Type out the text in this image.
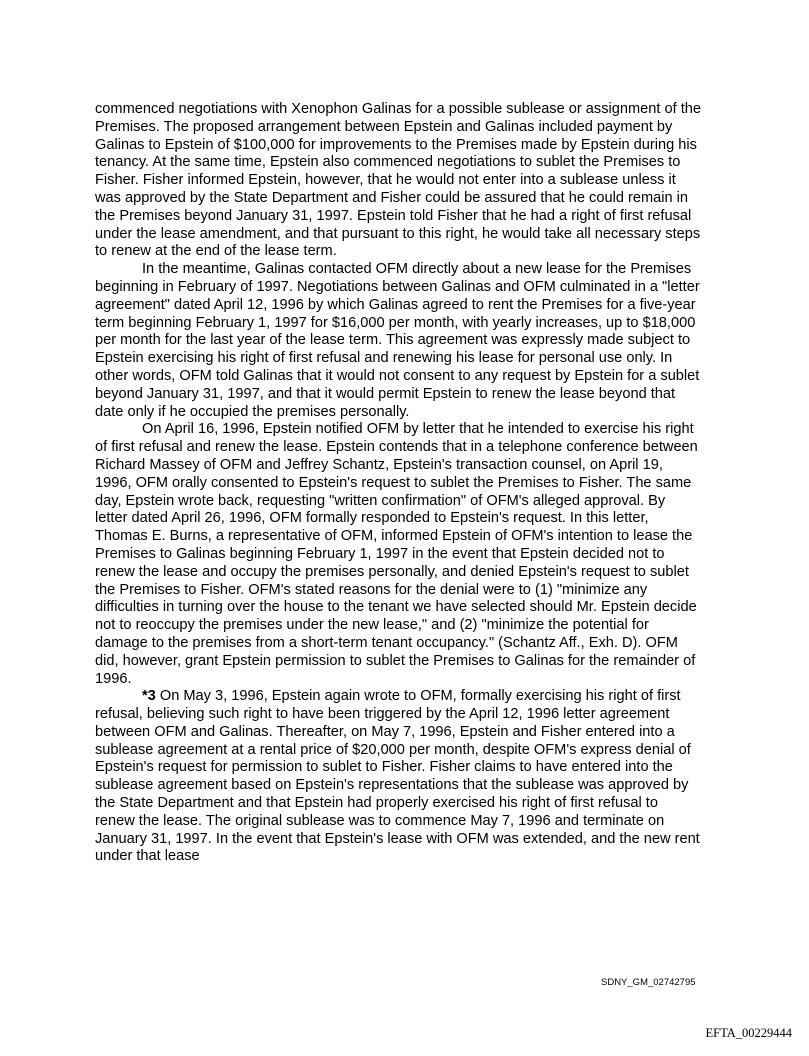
commenced negotiations with Xenophon Galinas for a possible sublease or assignment of the Premises. The proposed arrangement between Epstein and Galinas included payment by Galinas to Epstein of $100,000 for improvements to the Premises made by Epstein during his tenancy. At the same time, Epstein also commenced negotiations to sublet the Premises to Fisher. Fisher informed Epstein, however, that he would not enter into a sublease unless it was approved by the State Department and Fisher could be assured that he could remain in the Premises beyond January 31, 1997. Epstein told Fisher that he had a right of first refusal under the lease amendment, and that pursuant to this right, he would take all necessary steps to renew at the end of the lease term.

In the meantime, Galinas contacted OFM directly about a new lease for the Premises beginning in February of 1997. Negotiations between Galinas and OFM culminated in a "letter agreement" dated April 12, 1996 by which Galinas agreed to rent the Premises for a five-year term beginning February 1, 1997 for $16,000 per month, with yearly increases, up to $18,000 per month for the last year of the lease term. This agreement was expressly made subject to Epstein exercising his right of first refusal and renewing his lease for personal use only. In other words, OFM told Galinas that it would not consent to any request by Epstein for a sublet beyond January 31, 1997, and that it would permit Epstein to renew the lease beyond that date only if he occupied the premises personally.

On April 16, 1996, Epstein notified OFM by letter that he intended to exercise his right of first refusal and renew the lease. Epstein contends that in a telephone conference between Richard Massey of OFM and Jeffrey Schantz, Epstein's transaction counsel, on April 19, 1996, OFM orally consented to Epstein's request to sublet the Premises to Fisher. The same day, Epstein wrote back, requesting "written confirmation" of OFM's alleged approval. By letter dated April 26, 1996, OFM formally responded to Epstein's request. In this letter, Thomas E. Burns, a representative of OFM, informed Epstein of OFM's intention to lease the Premises to Galinas beginning February 1, 1997 in the event that Epstein decided not to renew the lease and occupy the premises personally, and denied Epstein's request to sublet the Premises to Fisher. OFM's stated reasons for the denial were to (1) "minimize any difficulties in turning over the house to the tenant we have selected should Mr. Epstein decide not to reoccupy the premises under the new lease," and (2) "minimize the potential for damage to the premises from a short-term tenant occupancy." (Schantz Aff., Exh. D). OFM did, however, grant Epstein permission to sublet the Premises to Galinas for the remainder of 1996.

*3 On May 3, 1996, Epstein again wrote to OFM, formally exercising his right of first refusal, believing such right to have been triggered by the April 12, 1996 letter agreement between OFM and Galinas. Thereafter, on May 7, 1996, Epstein and Fisher entered into a sublease agreement at a rental price of $20,000 per month, despite OFM's express denial of Epstein's request for permission to sublet to Fisher. Fisher claims to have entered into the sublease agreement based on Epstein's representations that the sublease was approved by the State Department and that Epstein had properly exercised his right of first refusal to renew the lease. The original sublease was to commence May 7, 1996 and terminate on January 31, 1997. In the event that Epstein's lease with OFM was extended, and the new rent under that lease

SDNY_GM_02742795
EFTA_00229444
